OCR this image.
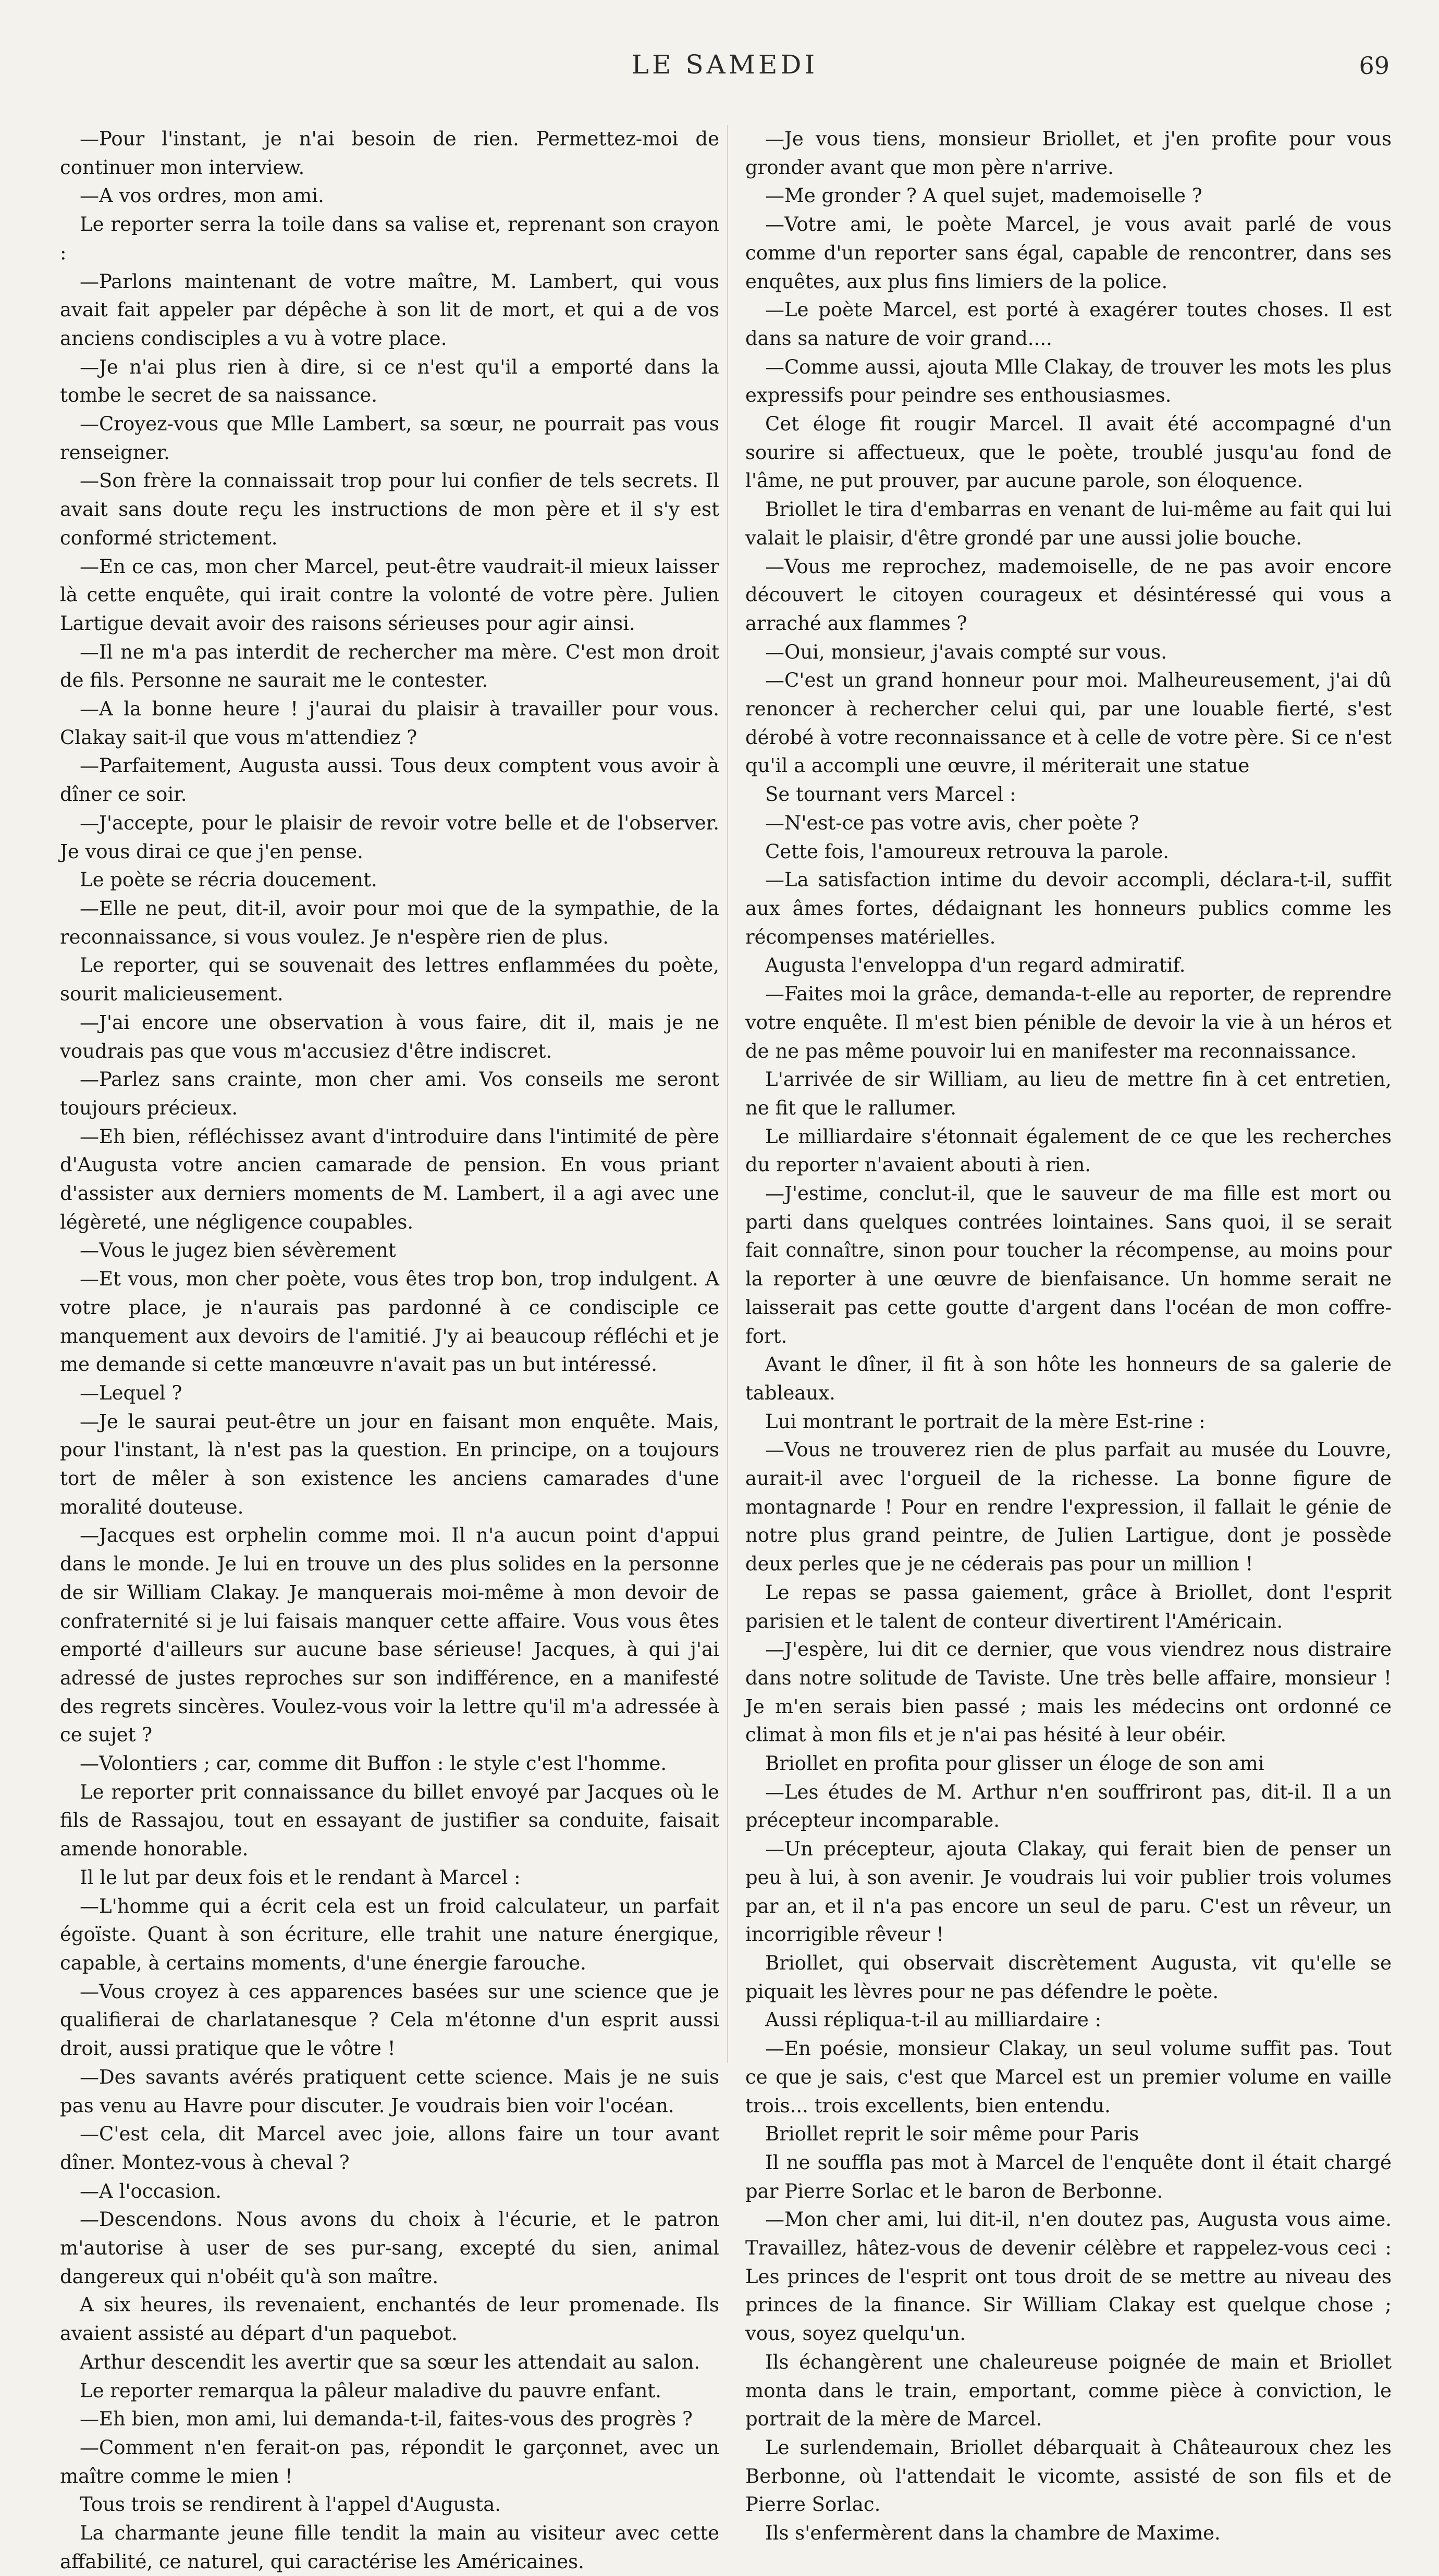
LE SAMEDI	69

—Pour l'instant, je n'ai besoin de rien. Permettez-moi de continuer mon interview.

—A vos ordres, mon ami.

Le reporter serra la toile dans sa valise et, reprenant son crayon :

—Parlons maintenant de votre maître, M. Lambert, qui vous avait fait appeler par dépêche à son lit de mort, et qui a de vos anciens condisciples a vu à votre place.

—Je n'ai plus rien à dire, si ce n'est qu'il a emporté dans la tombe le secret de sa naissance.

—Croyez-vous que Mlle Lambert, sa sœur, ne pourrait pas vous renseigner.

—Son frère la connaissait trop pour lui confier de tels secrets. Il avait sans doute reçu les instructions de mon père et il s'y est conformé strictement.

—En ce cas, mon cher Marcel, peut-être vaudrait-il mieux laisser là cette enquête, qui irait contre la volonté de votre père. Julien Lartigue devait avoir des raisons sérieuses pour agir ainsi.

—Il ne m'a pas interdit de rechercher ma mère. C'est mon droit de fils. Personne ne saurait me le contester.

—A la bonne heure ! j'aurai du plaisir à travailler pour vous. Clakay sait-il que vous m'attendiez ?

—Parfaitement, Augusta aussi. Tous deux comptent vous avoir à dîner ce soir.

—J'accepte, pour le plaisir de revoir votre belle et de l'observer. Je vous dirai ce que j'en pense.

Le poète se récria doucement.

—Elle ne peut, dit-il, avoir pour moi que de la sympathie, de la reconnaissance, si vous voulez. Je n'espère rien de plus.

Le reporter, qui se souvenait des lettres enflammées du poète, sourit malicieusement.

—J'ai encore une observation à vous faire, dit il, mais je ne voudrais pas que vous m'accusiez d'être indiscret.

—Parlez sans crainte, mon cher ami. Vos conseils me seront toujours précieux.

—Eh bien, réfléchissez avant d'introduire dans l'intimité de père d'Augusta votre ancien camarade de pension. En vous priant d'assister aux derniers moments de M. Lambert, il a agi avec une légèreté, une négligence coupables.

—Vous le jugez bien sévèrement

—Et vous, mon cher poète, vous êtes trop bon, trop indulgent. A votre place, je n'aurais pas pardonné à ce condisciple ce manquement aux devoirs de l'amitié. J'y ai beaucoup réfléchi et je me demande si cette manœuvre n'avait pas un but intéressé.

—Lequel ?

—Je le saurai peut-être un jour en faisant mon enquête. Mais, pour l'instant, là n'est pas la question. En principe, on a toujours tort de mêler à son existence les anciens camarades d'une moralité douteuse.

—Jacques est orphelin comme moi. Il n'a aucun point d'appui dans le monde. Je lui en trouve un des plus solides en la personne de sir William Clakay. Je manquerais moi-même à mon devoir de confraternité si je lui faisais manquer cette affaire. Vous vous êtes emporté d'ailleurs sur aucune base sérieuse! Jacques, à qui j'ai adressé de justes reproches sur son indifférence, en a manifesté des regrets sincères. Voulez-vous voir la lettre qu'il m'a adressée à ce sujet ?

—Volontiers ; car, comme dit Buffon : le style c'est l'homme.

Le reporter prit connaissance du billet envoyé par Jacques où le fils de Rassajou, tout en essayant de justifier sa conduite, faisait amende honorable.

Il le lut par deux fois et le rendant à Marcel :

—L'homme qui a écrit cela est un froid calculateur, un parfait égoïste. Quant à son écriture, elle trahit une nature énergique, capable, à certains moments, d'une énergie farouche.

—Vous croyez à ces apparences basées sur une science que je qualifierai de charlatanesque ? Cela m'étonne d'un esprit aussi droit, aussi pratique que le vôtre !

—Des savants avérés pratiquent cette science. Mais je ne suis pas venu au Havre pour discuter. Je voudrais bien voir l'océan.

—C'est cela, dit Marcel avec joie, allons faire un tour avant dîner. Montez-vous à cheval ?

—A l'occasion.

—Descendons. Nous avons du choix à l'écurie, et le patron m'autorise à user de ses pur-sang, excepté du sien, animal dangereux qui n'obéit qu'à son maître.

A six heures, ils revenaient, enchantés de leur promenade. Ils avaient assisté au départ d'un paquebot.

Arthur descendit les avertir que sa sœur les attendait au salon.

Le reporter remarqua la pâleur maladive du pauvre enfant.

—Eh bien, mon ami, lui demanda-t-il, faites-vous des progrès ?

—Comment n'en ferait-on pas, répondit le garçonnet, avec un maître comme le mien !

Tous trois se rendirent à l'appel d'Augusta.

La charmante jeune fille tendit la main au visiteur avec cette affabilité, ce naturel, qui caractérise les Américaines.

—Je vous tiens, monsieur Briollet, et j'en profite pour vous gronder avant que mon père n'arrive.

—Me gronder ? A quel sujet, mademoiselle ?

—Votre ami, le poète Marcel, je vous avait parlé de vous comme d'un reporter sans égal, capable de rencontrer, dans ses enquêtes, aux plus fins limiers de la police.

—Le poète Marcel, est porté à exagérer toutes choses. Il est dans sa nature de voir grand....

—Comme aussi, ajouta Mlle Clakay, de trouver les mots les plus expressifs pour peindre ses enthousiasmes.

Cet éloge fit rougir Marcel. Il avait été accompagné d'un sourire si affectueux, que le poète, troublé jusqu'au fond de l'âme, ne put prouver, par aucune parole, son éloquence.

Briollet le tira d'embarras en venant de lui-même au fait qui lui valait le plaisir, d'être grondé par une aussi jolie bouche.

—Vous me reprochez, mademoiselle, de ne pas avoir encore découvert le citoyen courageux et désintéressé qui vous a arraché aux flammes ?

—Oui, monsieur, j'avais compté sur vous.

—C'est un grand honneur pour moi. Malheureusement, j'ai dû renoncer à rechercher celui qui, par une louable fierté, s'est dérobé à votre reconnaissance et à celle de votre père. Si ce n'est qu'il a accompli une œuvre, il mériterait une statue

Se tournant vers Marcel :

—N'est-ce pas votre avis, cher poète ?

Cette fois, l'amoureux retrouva la parole.

—La satisfaction intime du devoir accompli, déclara-t-il, suffit aux âmes fortes, dédaignant les honneurs publics comme les récompenses matérielles.

Augusta l'enveloppa d'un regard admiratif.

—Faites moi la grâce, demanda-t-elle au reporter, de reprendre votre enquête. Il m'est bien pénible de devoir la vie à un héros et de ne pas même pouvoir lui en manifester ma reconnaissance.

L'arrivée de sir William, au lieu de mettre fin à cet entretien, ne fit que le rallumer.

Le milliardaire s'étonnait également de ce que les recherches du reporter n'avaient abouti à rien.

—J'estime, conclut-il, que le sauveur de ma fille est mort ou parti dans quelques contrées lointaines. Sans quoi, il se serait fait connaître, sinon pour toucher la récompense, au moins pour la reporter à une œuvre de bienfaisance. Un homme serait ne laisserait pas cette goutte d'argent dans l'océan de mon coffre-fort.

Avant le dîner, il fit à son hôte les honneurs de sa galerie de tableaux.

Lui montrant le portrait de la mère Est-rine :

—Vous ne trouverez rien de plus parfait au musée du Louvre, aurait-il avec l'orgueil de la richesse. La bonne figure de montagnarde ! Pour en rendre l'expression, il fallait le génie de notre plus grand peintre, de Julien Lartigue, dont je possède deux perles que je ne céderais pas pour un million !

Le repas se passa gaiement, grâce à Briollet, dont l'esprit parisien et le talent de conteur divertirent l'Américain.

—J'espère, lui dit ce dernier, que vous viendrez nous distraire dans notre solitude de Taviste. Une très belle affaire, monsieur ! Je m'en serais bien passé ; mais les médecins ont ordonné ce climat à mon fils et je n'ai pas hésité à leur obéir.

Briollet en profita pour glisser un éloge de son ami

—Les études de M. Arthur n'en souffriront pas, dit-il. Il a un précepteur incomparable.

—Un précepteur, ajouta Clakay, qui ferait bien de penser un peu à lui, à son avenir. Je voudrais lui voir publier trois volumes par an, et il n'a pas encore un seul de paru. C'est un rêveur, un incorrigible rêveur !

Briollet, qui observait discrètement Augusta, vit qu'elle se piquait les lèvres pour ne pas défendre le poète.

Aussi répliqua-t-il au milliardaire :

—En poésie, monsieur Clakay, un seul volume suffit pas. Tout ce que je sais, c'est que Marcel est un premier volume en vaille trois... trois excellents, bien entendu.

Briollet reprit le soir même pour Paris

Il ne souffla pas mot à Marcel de l'enquête dont il était chargé par Pierre Sorlac et le baron de Berbonne.

—Mon cher ami, lui dit-il, n'en doutez pas, Augusta vous aime. Travaillez, hâtez-vous de devenir célèbre et rappelez-vous ceci : Les princes de l'esprit ont tous droit de se mettre au niveau des princes de la finance. Sir William Clakay est quelque chose ; vous, soyez quelqu'un.

Ils échangèrent une chaleureuse poignée de main et Briollet monta dans le train, emportant, comme pièce à conviction, le portrait de la mère de Marcel.

Le surlendemain, Briollet débarquait à Châteauroux chez les Berbonne, où l'attendait le vicomte, assisté de son fils et de Pierre Sorlac.

Ils s'enfermèrent dans la chambre de Maxime.
